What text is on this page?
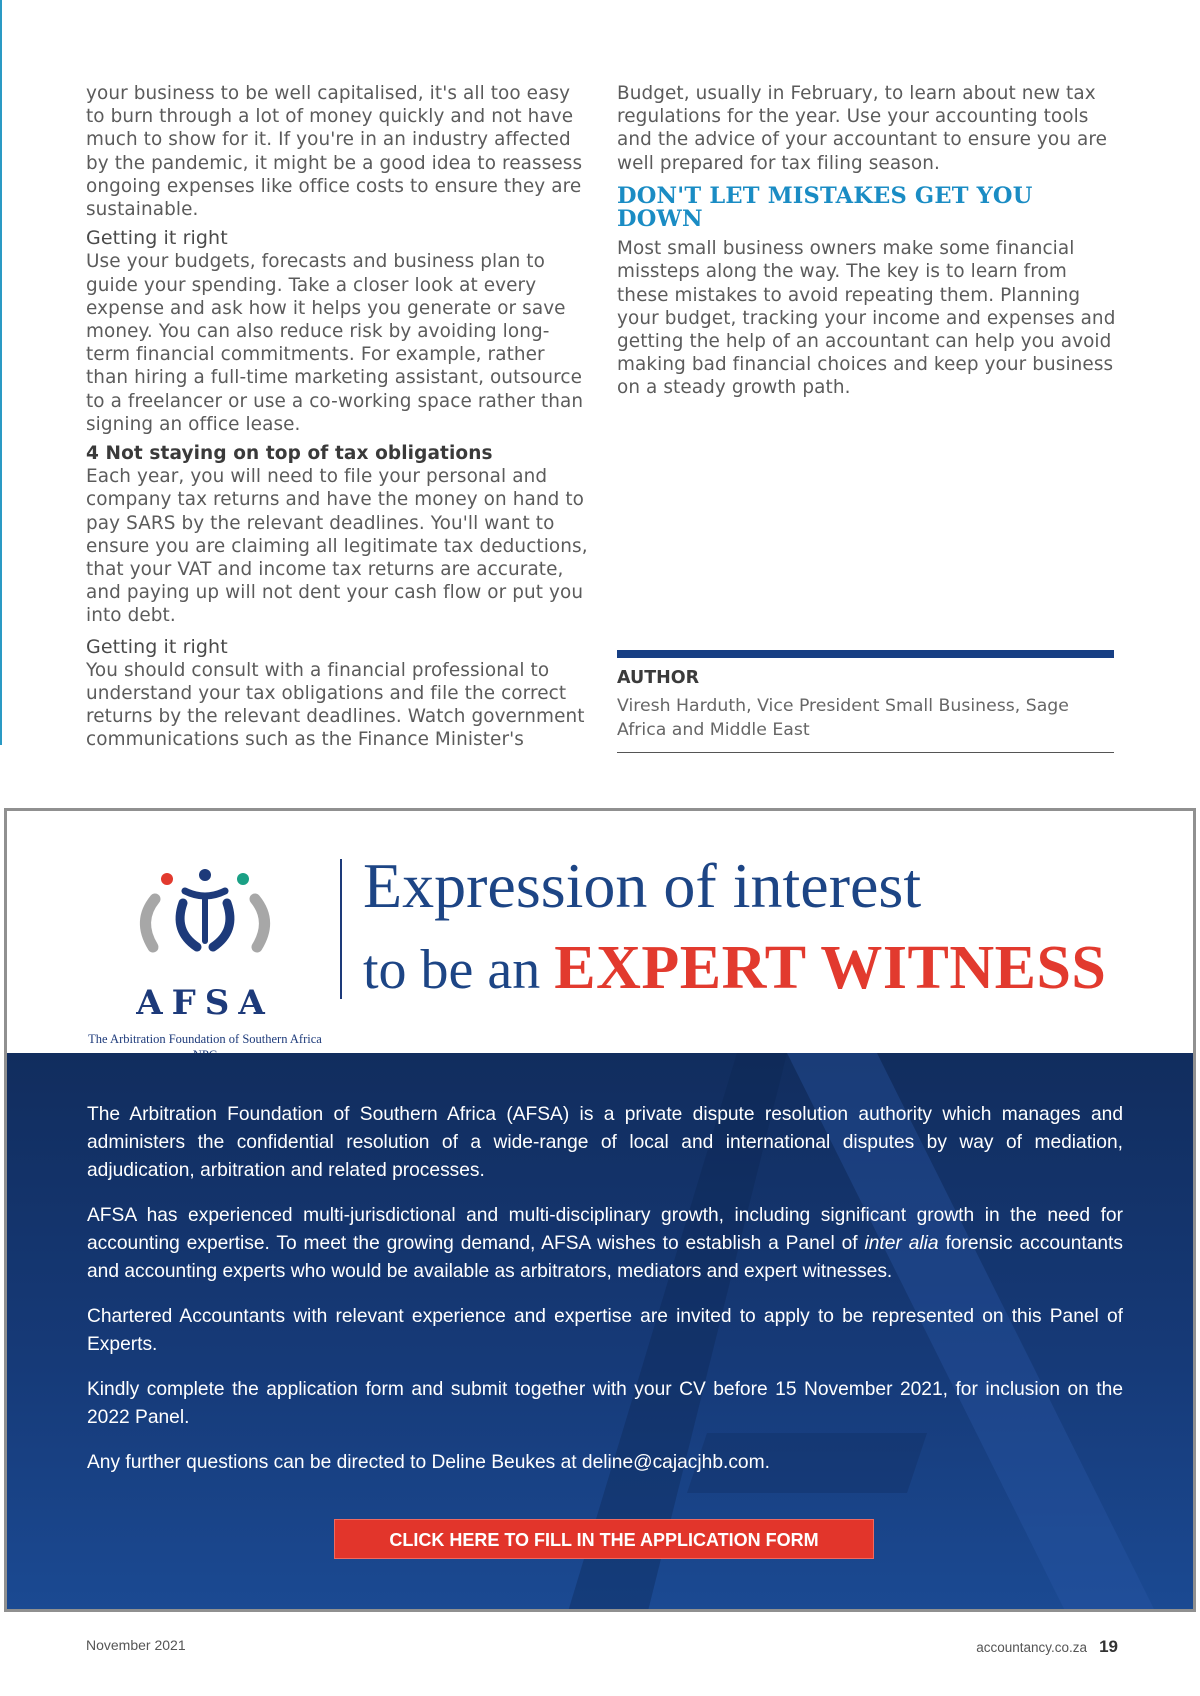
your business to be well capitalised, it's all too easy to burn through a lot of money quickly and not have much to show for it. If you're in an industry affected by the pandemic, it might be a good idea to reassess ongoing expenses like office costs to ensure they are sustainable.

Getting it right

Use your budgets, forecasts and business plan to guide your spending. Take a closer look at every expense and ask how it helps you generate or save money. You can also reduce risk by avoiding long-term financial commitments. For example, rather than hiring a full-time marketing assistant, outsource to a freelancer or use a co-working space rather than signing an office lease.

4 Not staying on top of tax obligations

Each year, you will need to file your personal and company tax returns and have the money on hand to pay SARS by the relevant deadlines. You'll want to ensure you are claiming all legitimate tax deductions, that your VAT and income tax returns are accurate, and paying up will not dent your cash flow or put you into debt.

Getting it right

You should consult with a financial professional to understand your tax obligations and file the correct returns by the relevant deadlines. Watch government communications such as the Finance Minister's

Budget, usually in February, to learn about new tax regulations for the year. Use your accounting tools and the advice of your accountant to ensure you are well prepared for tax filing season.

DON'T LET MISTAKES GET YOU DOWN

Most small business owners make some financial missteps along the way. The key is to learn from these mistakes to avoid repeating them. Planning your budget, tracking your income and expenses and getting the help of an accountant can help you avoid making bad financial choices and keep your business on a steady growth path.

AUTHOR
Viresh Harduth, Vice President Small Business, Sage Africa and Middle East
AFSA
The Arbitration Foundation of Southern Africa
Expression of interest
to be an EXPERT WITNESS

The Arbitration Foundation of Southern Africa (AFSA) is a private dispute resolution authority which manages and administers the confidential resolution of a wide-range of local and international disputes by way of mediation, adjudication, arbitration and related processes.

AFSA has experienced multi-jurisdictional and multi-disciplinary growth, including significant growth in the need for accounting expertise. To meet the growing demand, AFSA wishes to establish a Panel of inter alia forensic accountants and accounting experts who would be available as arbitrators, mediators and expert witnesses.

Chartered Accountants with relevant experience and expertise are invited to apply to be represented on this Panel of Experts.

Kindly complete the application form and submit together with your CV before 15 November 2021, for inclusion on the 2022 Panel.

Any further questions can be directed to Deline Beukes at deline@cajacjhb.com.

CLICK HERE TO FILL IN THE APPLICATION FORM
November 2021	accountancy.co.za 19
